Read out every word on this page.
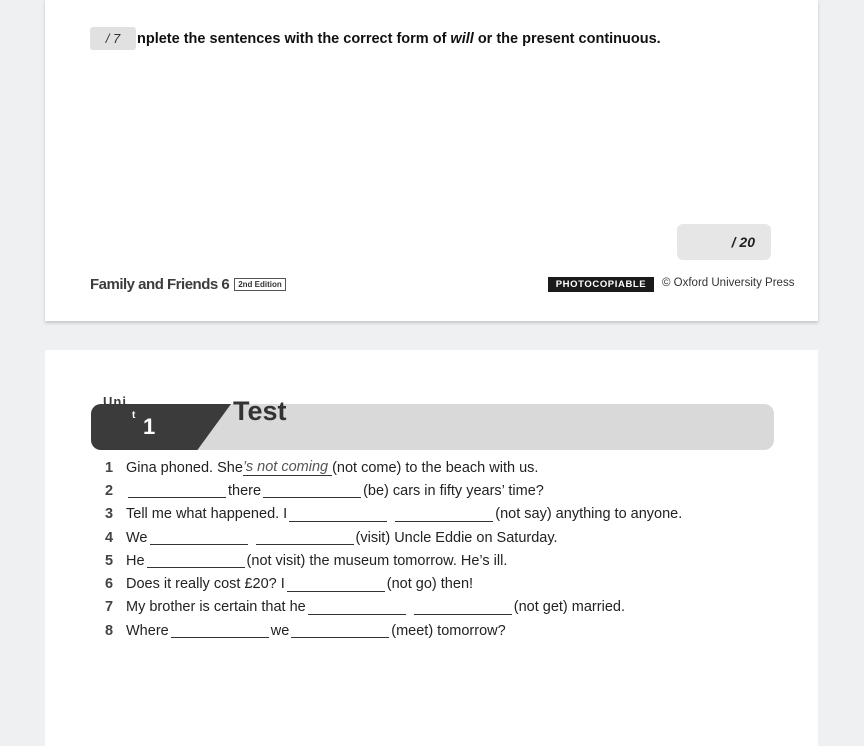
/ 7	nplete the sentences with the correct form of will or the present continuous.
/ 20
Family and Friends 6	2nd Edition	PHOTOCOPIABLE	© Oxford University Press
Uni
t 1
Test
1 Gina phoned. She ’s not coming (not come) to the beach with us.
2	there	(be) cars in fifty years’ time?
3 Tell me what happened. I
	(not say) anything to anyone.
4 We
	(visit) Uncle Eddie on Saturday.
5 He	(not visit) the museum tomorrow. He’s ill.
6 Does it really cost £20? I	(not go) then!
7 My brother is certain that he
	(not get) married.
8 Where	we	(meet) tomorrow?
